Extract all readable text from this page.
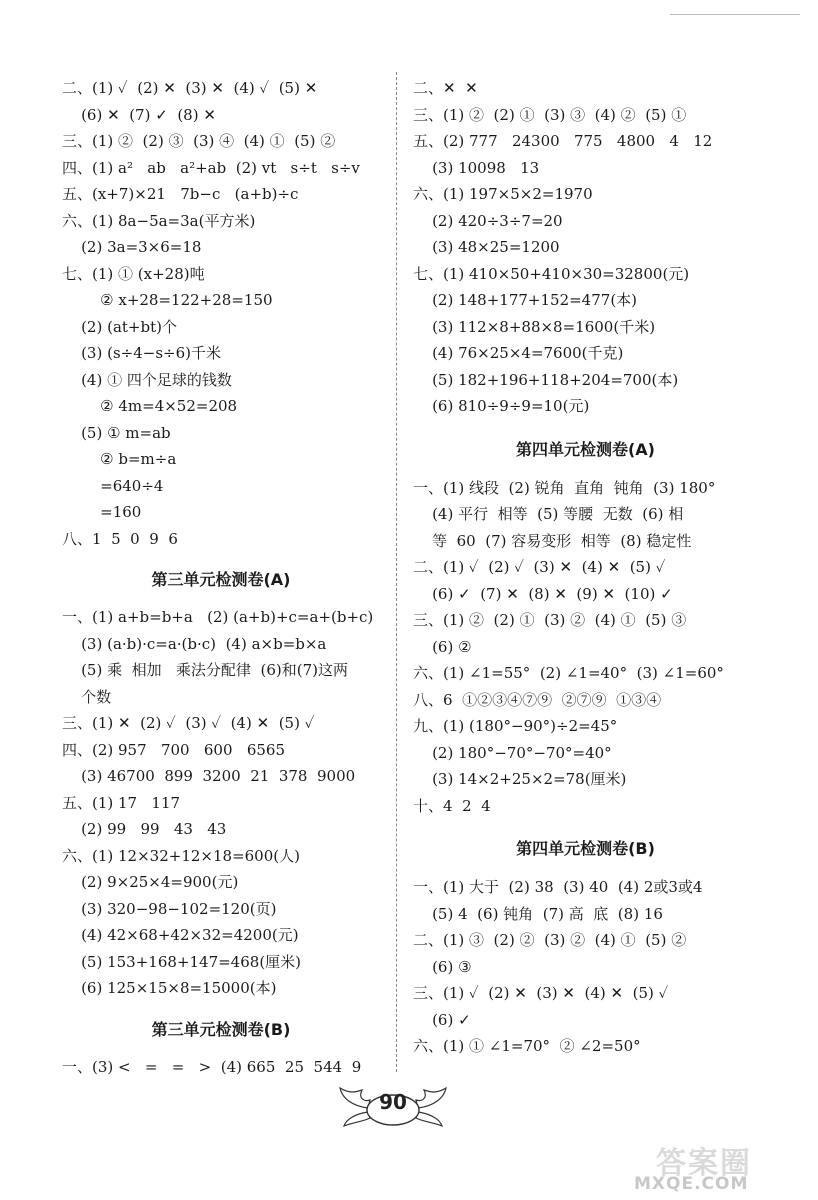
二、(1) ✓  (2) ✕  (3) ✕  (4) ✓  (5) ✕
(6) ✕  (7) ✓  (8) ✕
三、(1) ②  (2) ③  (3) ④  (4) ①  (5) ②
四、(1) a²   ab   a²+ab  (2) vt   s÷t   s÷v
五、(x+7)×21   7b−c   (a+b)÷c
六、(1) 8a−5a=3a(平方米)
(2) 3a=3×6=18
七、(1) ① (x+28)吨
② x+28=122+28=150
(2) (at+bt)个
(3) (s÷4−s÷6)千米
(4) ① 四个足球的钱数
② 4m=4×52=208
(5) ① m=ab
② b=m÷a
=640÷4
=160
八、1  5  0  9  6
第三单元检测卷(A)
一、(1) a+b=b+a   (2) (a+b)+c=a+(b+c)
(3) (a·b)·c=a·(b·c)  (4) a×b=b×a
(5) 乘  相加   乘法分配律  (6)和(7)这两
个数
三、(1) ✕  (2) ✓  (3) ✓  (4) ✕  (5) ✓
四、(2) 957   700   600   6565
(3) 46700  899  3200  21  378  9000
五、(1) 17   117
(2) 99   99   43   43
六、(1) 12×32+12×18=600(人)
(2) 9×25×4=900(元)
(3) 320−98−102=120(页)
(4) 42×68+42×32=4200(元)
(5) 153+168+147=468(厘米)
(6) 125×15×8=15000(本)
第三单元检测卷(B)
一、(3) <   =   =   >  (4) 665  25  544  9
二、✕  ✕
三、(1) ②  (2) ①  (3) ③  (4) ②  (5) ①
五、(2) 777   24300   775   4800   4   12
(3) 10098   13
六、(1) 197×5×2=1970
(2) 420÷3÷7=20
(3) 48×25=1200
七、(1) 410×50+410×30=32800(元)
(2) 148+177+152=477(本)
(3) 112×8+88×8=1600(千米)
(4) 76×25×4=7600(千克)
(5) 182+196+118+204=700(本)
(6) 810÷9÷9=10(元)
第四单元检测卷(A)
一、(1) 线段  (2) 锐角  直角  钝角  (3) 180°
(4) 平行  相等  (5) 等腰  无数  (6) 相
等  60  (7) 容易变形  相等  (8) 稳定性
二、(1) ✓  (2) ✓  (3) ✕  (4) ✕  (5) ✓
(6) ✓  (7) ✕  (8) ✕  (9) ✕  (10) ✓
三、(1) ②  (2) ①  (3) ②  (4) ①  (5) ③
(6) ②
六、(1) ∠1=55°  (2) ∠1=40°  (3) ∠1=60°
八、6  ①②③④⑦⑨  ②⑦⑨  ①③④
九、(1) (180°−90°)÷2=45°
(2) 180°−70°−70°=40°
(3) 14×2+25×2=78(厘米)
十、4  2  4
第四单元检测卷(B)
一、(1) 大于  (2) 38  (3) 40  (4) 2或3或4
(5) 4  (6) 钝角  (7) 高  底  (8) 16
二、(1) ③  (2) ②  (3) ②  (4) ①  (5) ②
(6) ③
三、(1) ✓  (2) ✕  (3) ✕  (4) ✕  (5) ✓
(6) ✓
六、(1) ① ∠1=70°  ② ∠2=50°
90
答案圈
MXQE.COM
